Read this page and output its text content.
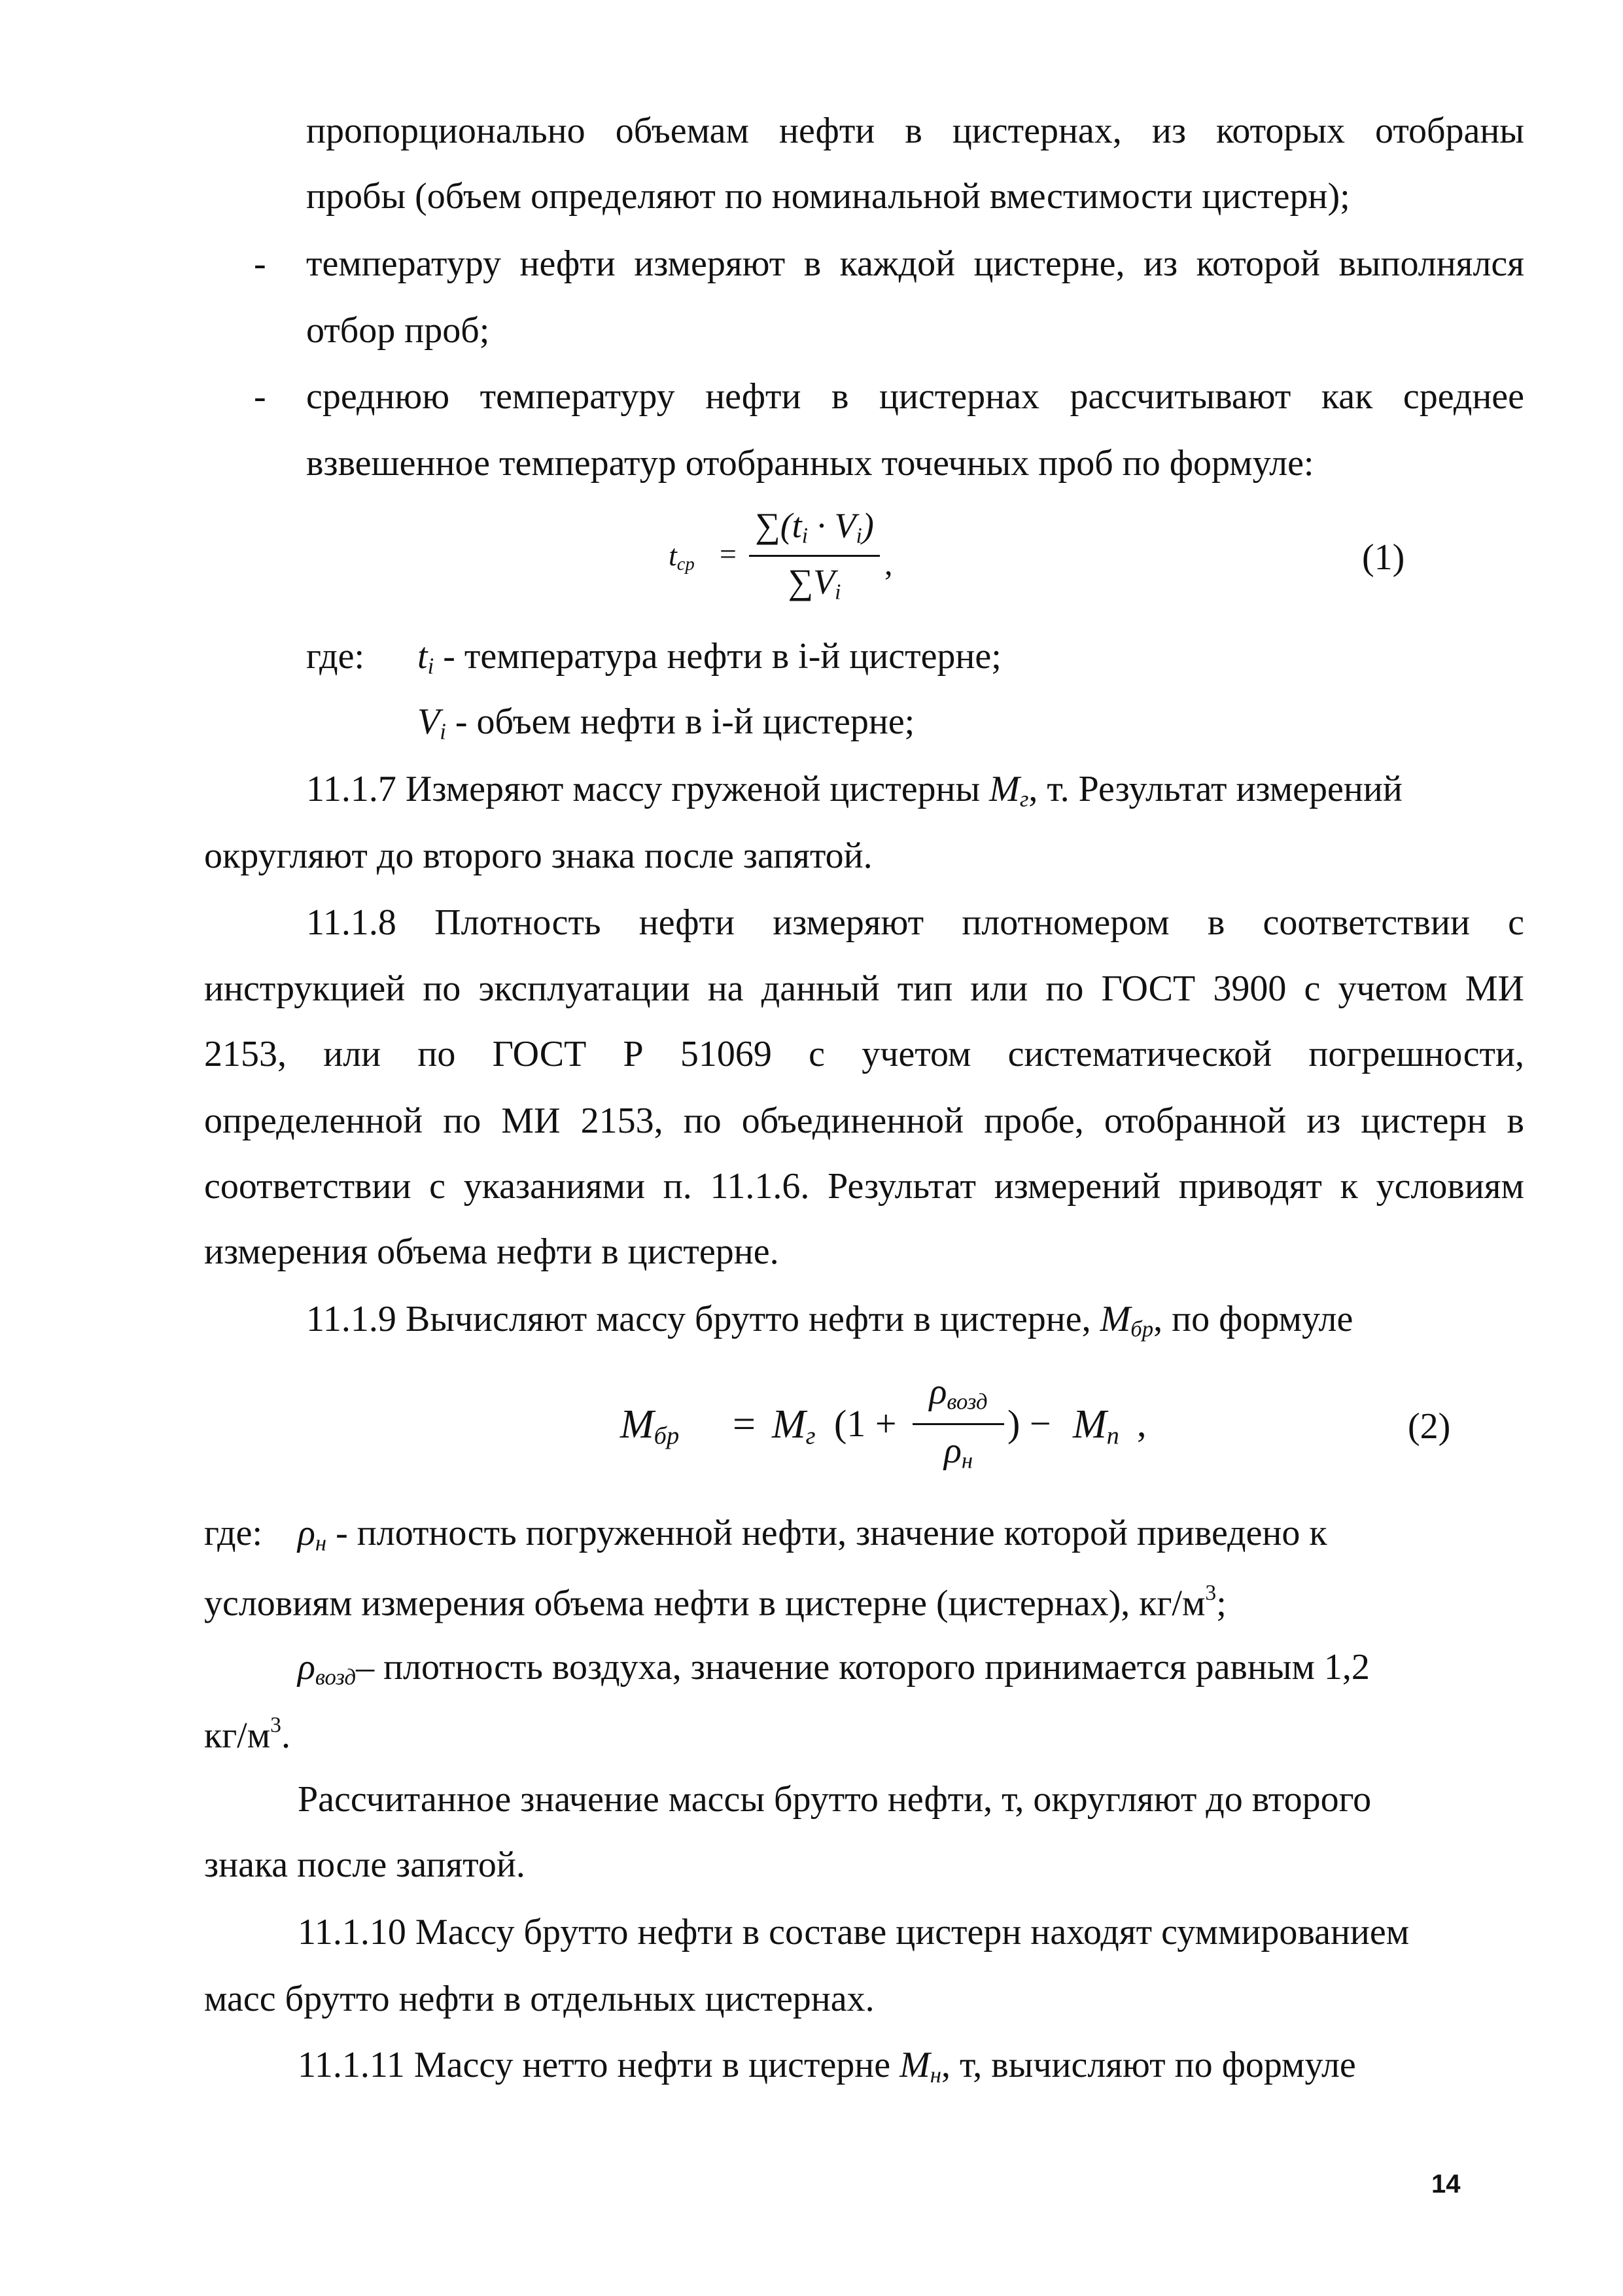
пропорционально объемам нефти в цистернах, из которых отобраны
пробы (объем определяют по номинальной вместимости цистерн);
- температуру нефти измеряют в каждой цистерне, из которой выполнялся
отбор проб;
- среднюю температуру нефти в цистернах рассчитывают как среднее
взвешенное температур отобранных точечных проб по формуле:
$t_{ср}$ =
$\sum(t_i \cdot V_i)$
$\sum V_i$
,	(1)
где: $t_i$ - температура нефти в i-й цистерне;
$V_i$ - объем нефти в i-й цистерне;
11.1.7 Измеряют массу груженой цистерны $M_г$, т. Результат измерений
округляют до второго знака после запятой.
11.1.8 Плотность нефти измеряют плотномером в соответствии с
инструкцией по эксплуатации на данный тип или по ГОСТ 3900 с учетом МИ
2153, или по ГОСТ Р 51069 с учетом систематической погрешности,
определенной по МИ 2153, по объединенной пробе, отобранной из цистерн в
соответствии с указаниями п. 11.1.6. Результат измерений приводят к условиям
измерения объема нефти в цистерне.
11.1.9 Вычисляют массу брутто нефти в цистерне, $M_{бр}$, по формуле
$M_{бр} = M_г$ (1 +
$\rho_{возд}$
$\rho_н$
) − $M_п$ ,	(2)
где: $\rho_н$ - плотность погруженной нефти, значение которой приведено к
условиям измерения объема нефти в цистерне (цистернах), $кг/м^3$;
$\rho_{возд}-$ плотность воздуха, значение которого принимается равным 1,2
$кг/м^3$.
Рассчитанное значение массы брутто нефти, т, округляют до второго
знака после запятой.
11.1.10 Массу брутто нефти в составе цистерн находят суммированием
масс брутто нефти в отдельных цистернах.
11.1.11 Массу нетто нефти в цистерне $M_н$, т, вычисляют по формуле
14
